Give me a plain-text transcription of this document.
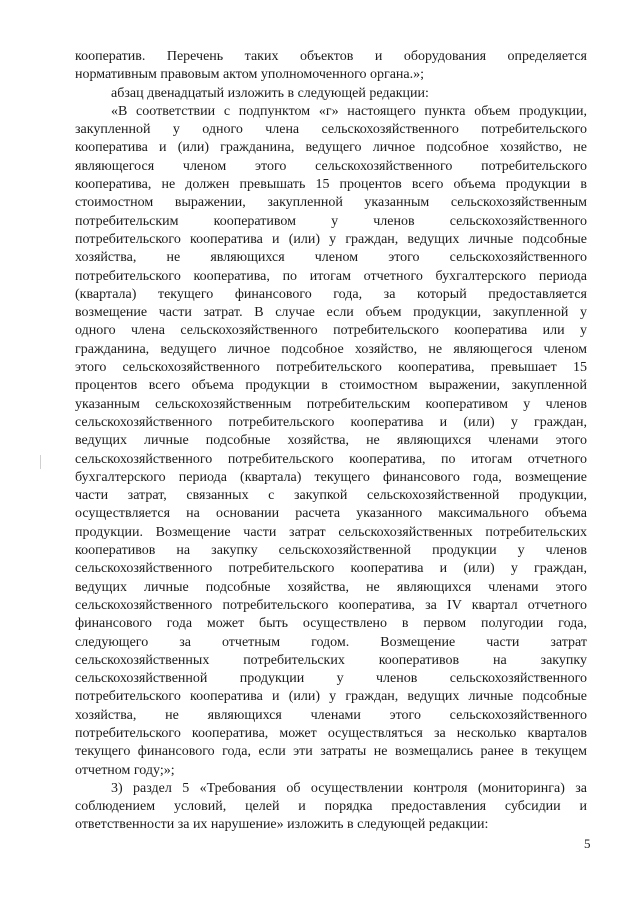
кооператив. Перечень таких объектов и оборудования определяется
нормативным правовым актом уполномоченного органа.»;
абзац двенадцатый изложить в следующей редакции:
«В соответствии с подпунктом «г» настоящего пункта объем продукции,
закупленной у одного члена сельскохозяйственного потребительского
кооператива и (или) гражданина, ведущего личное подсобное хозяйство, не
являющегося членом этого сельскохозяйственного потребительского
кооператива, не должен превышать 15 процентов всего объема продукции в
стоимостном выражении, закупленной указанным сельскохозяйственным
потребительским кооперативом у членов сельскохозяйственного
потребительского кооператива и (или) у граждан, ведущих личные подсобные
хозяйства, не являющихся членом этого сельскохозяйственного
потребительского кооператива, по итогам отчетного бухгалтерского периода
(квартала) текущего финансового года, за который предоставляется
возмещение части затрат. В случае если объем продукции, закупленной у
одного члена сельскохозяйственного потребительского кооператива или у
гражданина, ведущего личное подсобное хозяйство, не являющегося членом
этого сельскохозяйственного потребительского кооператива, превышает 15
процентов всего объема продукции в стоимостном выражении, закупленной
указанным сельскохозяйственным потребительским кооперативом у членов
сельскохозяйственного потребительского кооператива и (или) у граждан,
ведущих личные подсобные хозяйства, не являющихся членами этого
сельскохозяйственного потребительского кооператива, по итогам отчетного
бухгалтерского периода (квартала) текущего финансового года, возмещение
части затрат, связанных с закупкой сельскохозяйственной продукции,
осуществляется на основании расчета указанного максимального объема
продукции. Возмещение части затрат сельскохозяйственных потребительских
кооперативов на закупку сельскохозяйственной продукции у членов
сельскохозяйственного потребительского кооператива и (или) у граждан,
ведущих личные подсобные хозяйства, не являющихся членами этого
сельскохозяйственного потребительского кооператива, за IV квартал отчетного
финансового года может быть осуществлено в первом полугодии года,
следующего за отчетным годом. Возмещение части затрат
сельскохозяйственных потребительских кооперативов на закупку
сельскохозяйственной продукции у членов сельскохозяйственного
потребительского кооператива и (или) у граждан, ведущих личные подсобные
хозяйства, не являющихся членами этого сельскохозяйственного
потребительского кооператива, может осуществляться за несколько кварталов
текущего финансового года, если эти затраты не возмещались ранее в текущем
отчетном году;»;
3) раздел 5 «Требования об осуществлении контроля (мониторинга) за
соблюдением условий, целей и порядка предоставления субсидии и
ответственности за их нарушение» изложить в следующей редакции:
5
